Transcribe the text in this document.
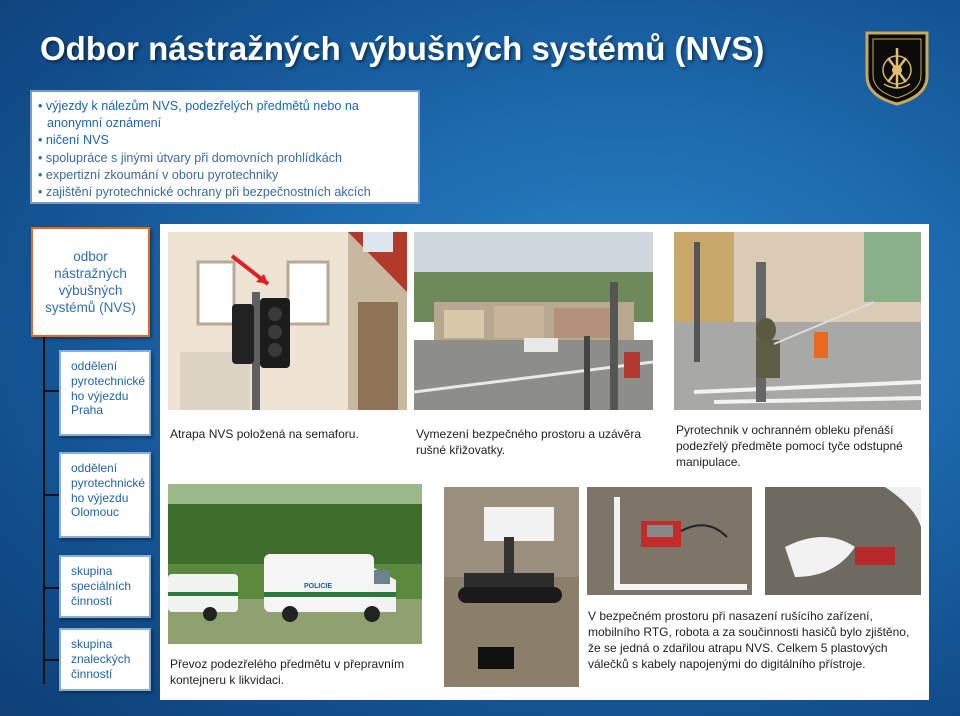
Odbor nástražných výbušných systémů (NVS)
• výjezdy k nálezům NVS, podezřelých předmětů nebo na
anonymní oznámení
• ničení NVS
• spolupráce s jinými útvary při domovních prohlídkách
• expertizní zkoumání v oboru pyrotechniky
• zajištění pyrotechnické ochrany při bezpečnostních akcích
odbor
nástražných
výbušných
systémů (NVS)
oddělení
pyrotechnické
ho výjezdu
Praha
oddělení
pyrotechnické
ho výjezdu
Olomouc
skupina
speciálních
činností
skupina
znaleckých
činností
Atrapa NVS položená na semaforu.	Vymezení bezpečného prostoru a uzávěra
rušné křižovatky.
Pyrotechnik v ochranném obleku přenáší
podezřelý předměte pomocí tyče odstupné
manipulace.
POLICIE
Převoz podezřelého předmětu v přepravním
kontejneru k likvidaci.
V bezpečném prostoru při nasazení rušícího zařízení,
mobilního RTG, robota a za součinnosti hasičů bylo zjištěno,
že se jedná o zdařilou atrapu NVS. Celkem 5 plastových
válečků s kabely napojenými do digitálního přístroje.
